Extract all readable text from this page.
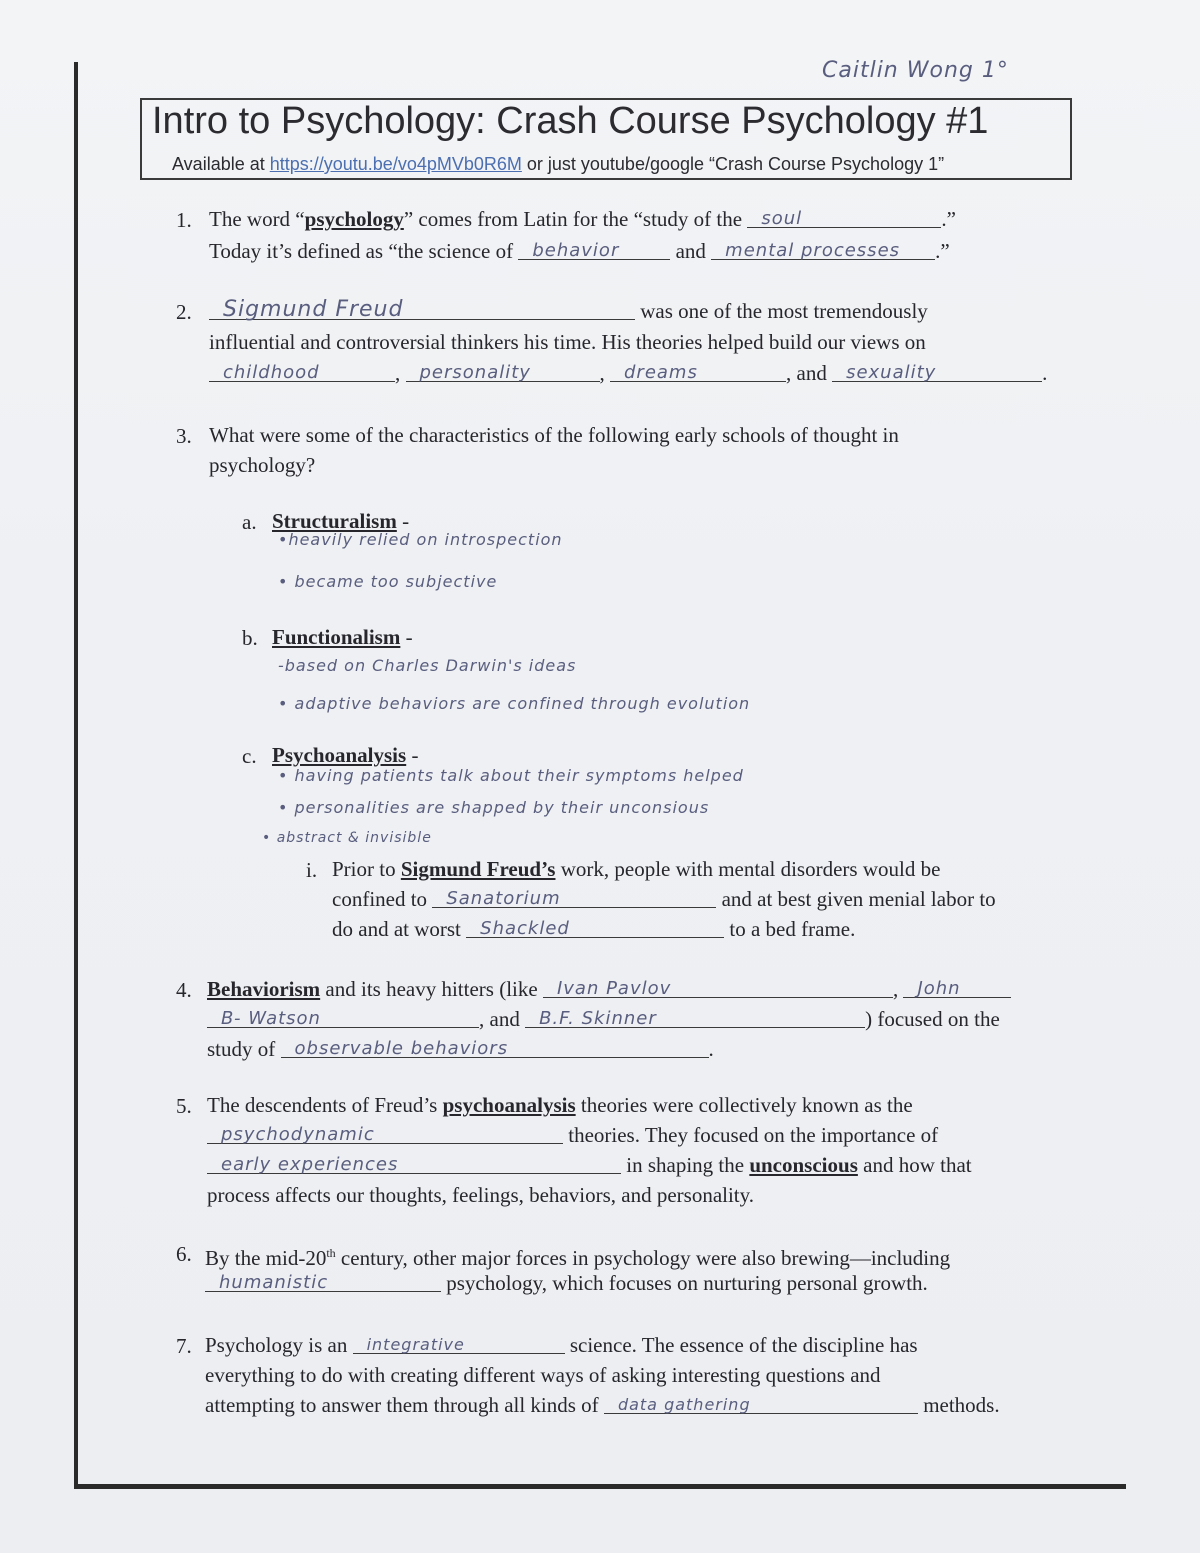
Caitlin Wong 1°
Intro to Psychology: Crash Course Psychology #1
Available at https://youtu.be/vo4pMVb0R6M or just youtube/google “Crash Course Psychology 1”
1. The word “psychology” comes from Latin for the “study of the soul	.”
Today it’s defined as “the science of behavior	and mental processes .”
2.	Sigmund Freud	was one of the most tremendously
influential and controversial thinkers his time. His theories helped build our views on
childhood	, personality	, dreams	, and sexuality	.
3. What were some of the characteristics of the following early schools of thought in
psychology?
a. Structuralism -
•heavily relied on introspection
• became too subjective
b. Functionalism -
-based on Charles Darwin's ideas
• adaptive behaviors are confined through evolution
c. Psychoanalysis -
• having patients talk about their symptoms helped
• personalities are shapped by their unconsious
• abstract & invisible
i. Prior to Sigmund Freud’s work, people with mental disorders would be
confined to Sanatorium	and at best given menial labor to
do and at worst Shackled	to a bed frame.
4. Behaviorism and its heavy hitters (like Ivan Pavlov	, John
B- Watson	, and B.F. Skinner	) focused on the
study of observable behaviors	.
5. The descendents of Freud’s psychoanalysis theories were collectively known as the
psychodynamic	theories. They focused on the importance of
early experiences	in shaping the unconscious and how that
process affects our thoughts, feelings, behaviors, and personality.
6. By the mid-20th century, other major forces in psychology were also brewing—including
humanistic	psychology, which focuses on nurturing personal growth.
7. Psychology is an integrative	science. The essence of the discipline has
everything to do with creating different ways of asking interesting questions and
attempting to answer them through all kinds of data gathering	methods.
